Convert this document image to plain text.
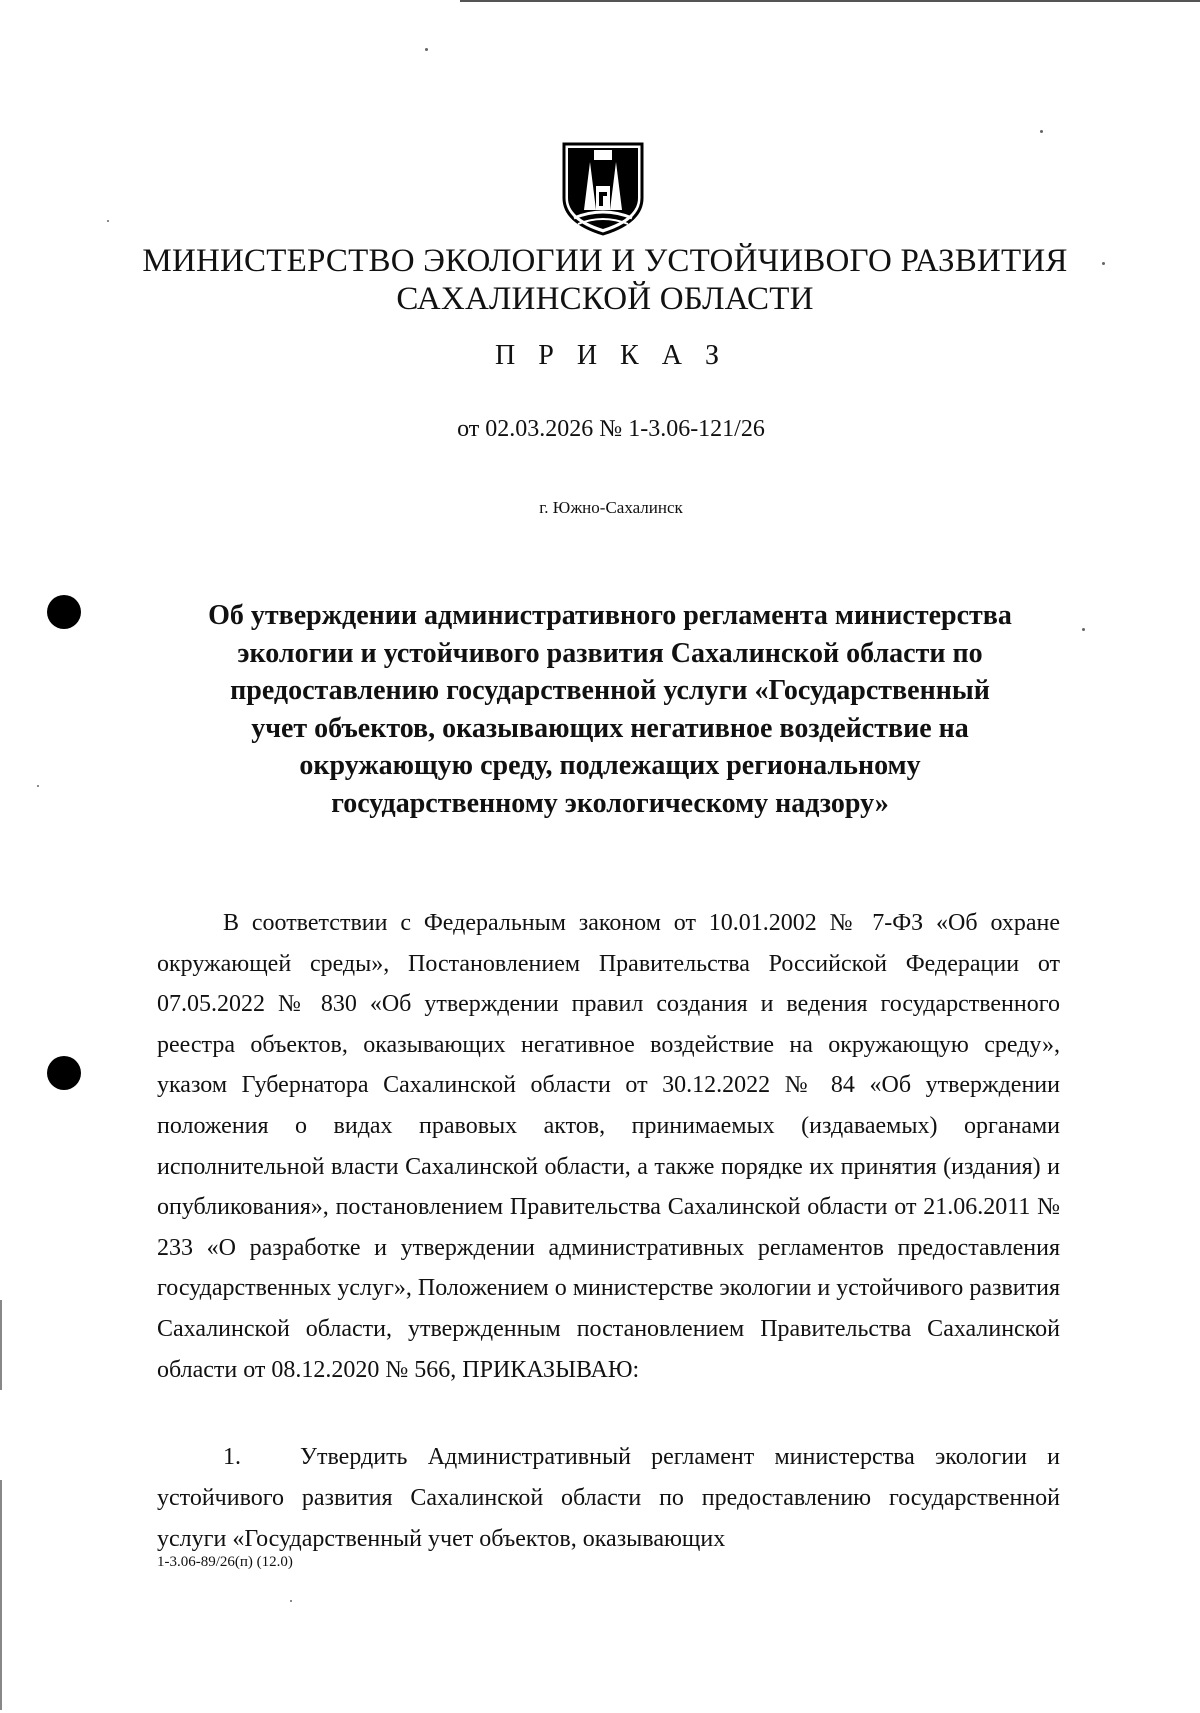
МИНИСТЕРСТВО ЭКОЛОГИИ И УСТОЙЧИВОГО РАЗВИТИЯ
САХАЛИНСКОЙ ОБЛАСТИ
П Р И К А З
от 02.03.2026 № 1-3.06-121/26
г. Южно-Сахалинск
Об утверждении административного регламента министерства
экологии и устойчивого развития Сахалинской области по
предоставлению государственной услуги «Государственный
учет объектов, оказывающих негативное воздействие на
окружающую среду, подлежащих региональному
государственному экологическому надзору»

В соответствии с Федеральным законом от 10.01.2002 № 7-ФЗ «Об охране окружающей среды», Постановлением Правительства Российской Федерации от 07.05.2022 № 830 «Об утверждении правил создания и ведения государственного реестра объектов, оказывающих негативное воздействие на окружающую среду», указом Губернатора Сахалинской области от 30.12.2022 № 84 «Об утверждении положения о видах правовых актов, принимаемых (издаваемых) органами исполнительной власти Сахалинской области, а также порядке их принятия (издания) и опубликования», постановлением Правительства Сахалинской области от 21.06.2011 № 233 «О разработке и утверждении административных регламентов предоставления государственных услуг», Положением о министерстве экологии и устойчивого развития Сахалинской области, утвержденным постановлением Правительства Сахалинской области от 08.12.2020 № 566, ПРИКАЗЫВАЮ:

1. Утвердить Административный регламент министерства экологии и устойчивого развития Сахалинской области по предоставлению государственной услуги «Государственный учет объектов, оказывающих

1-3.06-89/26(п) (12.0)
